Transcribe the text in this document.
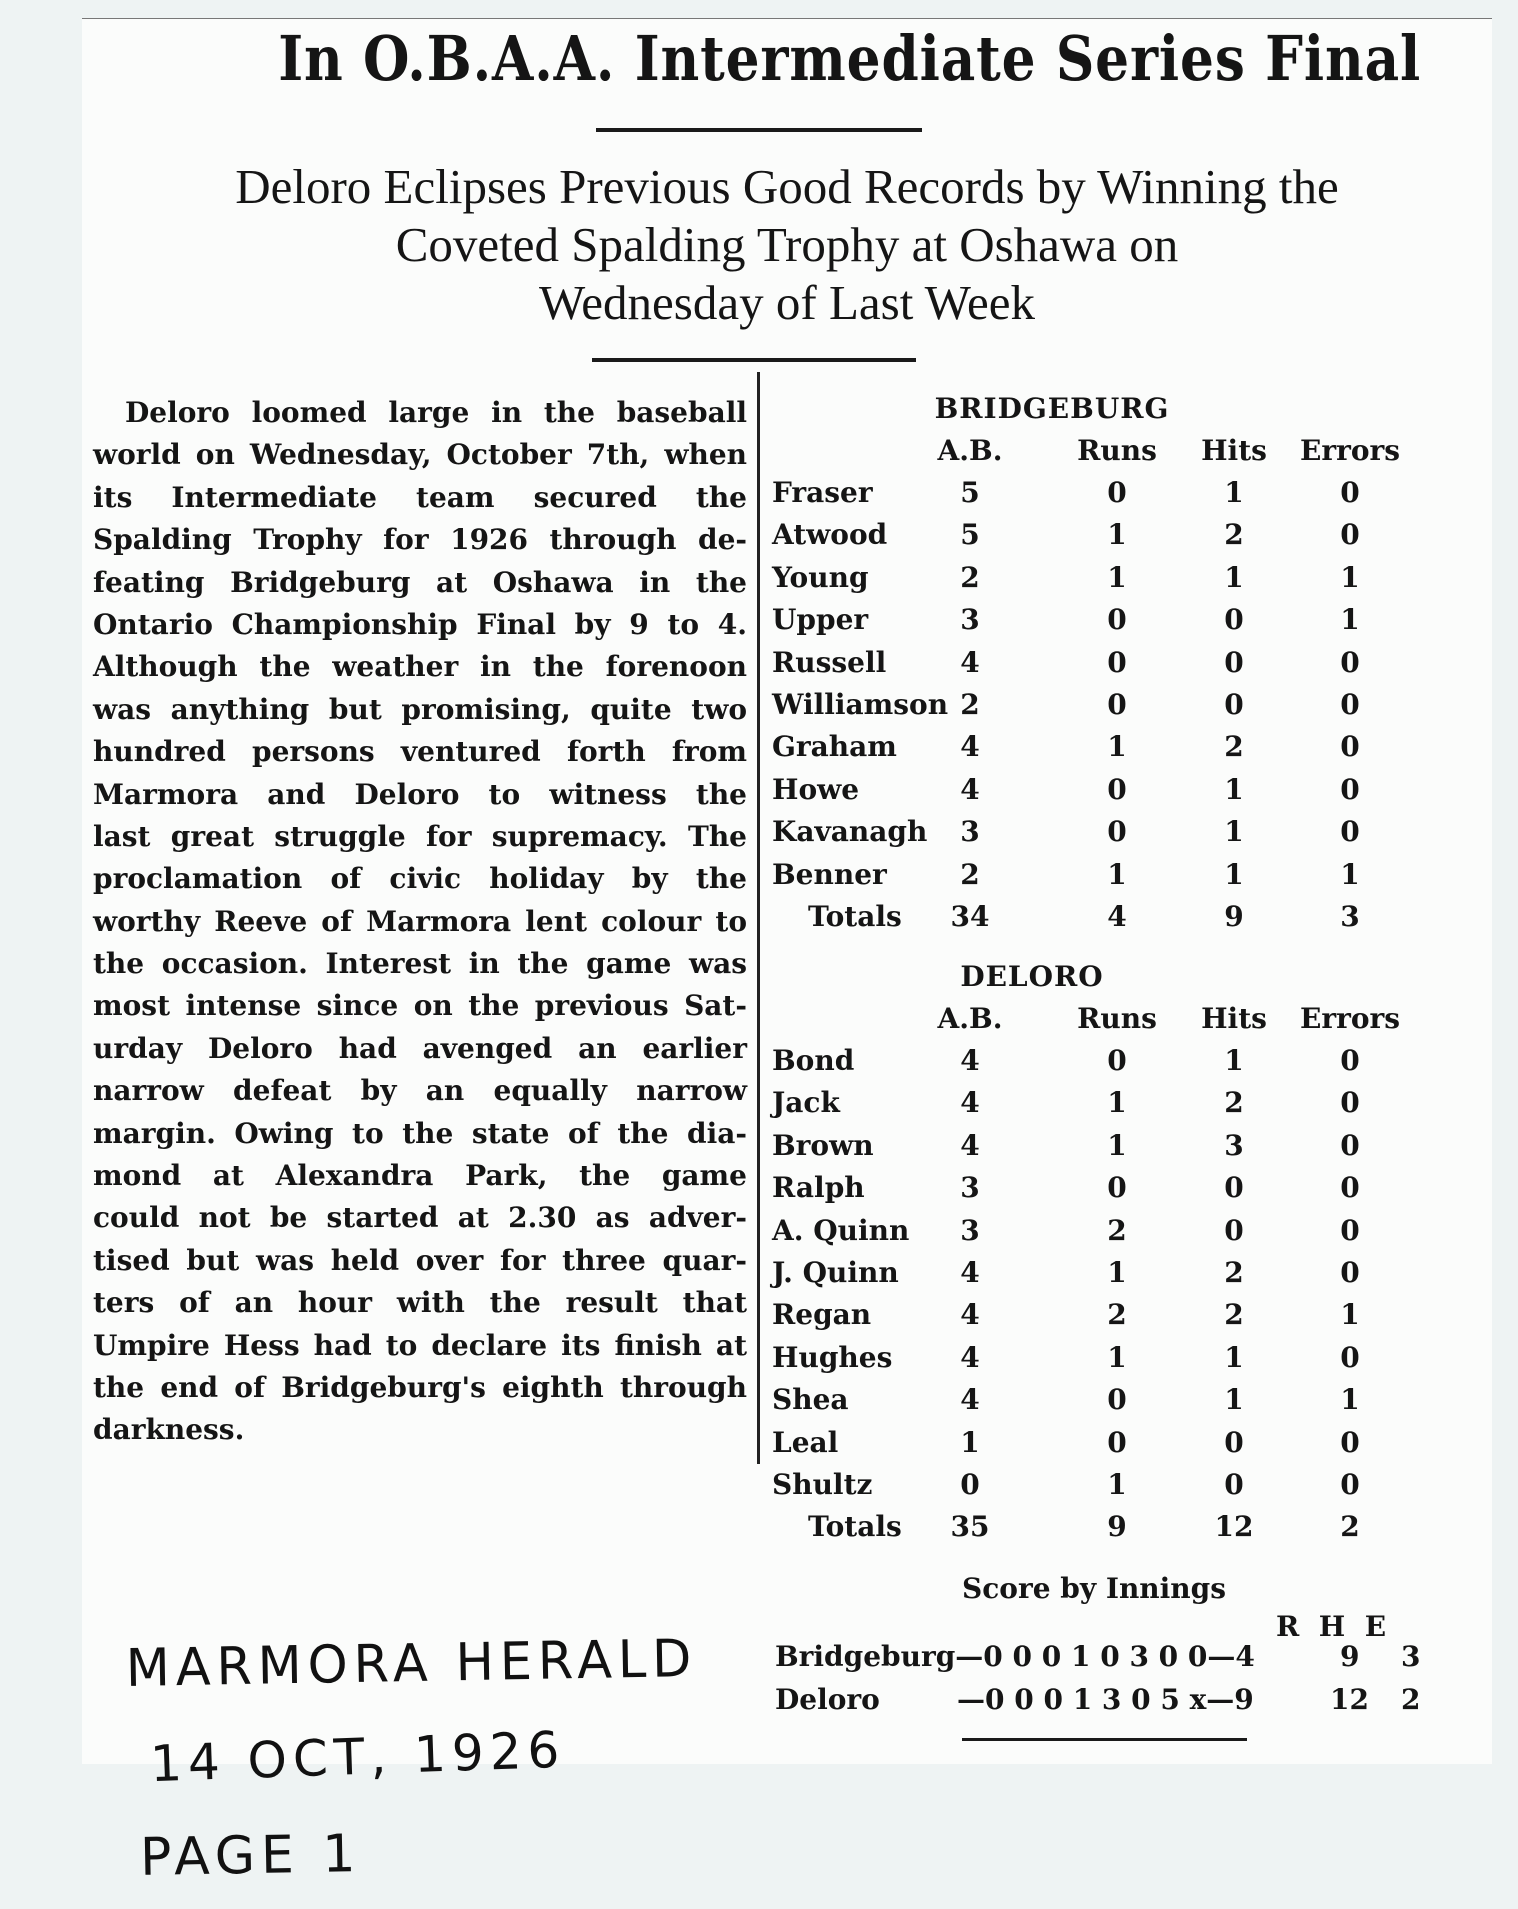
In O.B.A.A. Intermediate Series Final
Deloro Eclipses Previous Good Records by Winning the
Coveted Spalding Trophy at Oshawa on
Wednesday of Last Week
Deloro loomed large in the baseball
world on Wednesday, October 7th, when
its Intermediate team secured the
Spalding Trophy for 1926 through de-
feating Bridgeburg at Oshawa in the
Ontario Championship Final by 9 to 4.
Although the weather in the forenoon
was anything but promising, quite two
hundred persons ventured forth from
Marmora and Deloro to witness the
last great struggle for supremacy. The
proclamation of civic holiday by the
worthy Reeve of Marmora lent colour to
the occasion. Interest in the game was
most intense since on the previous Sat-
urday Deloro had avenged an earlier
narrow defeat by an equally narrow
margin. Owing to the state of the dia-
mond at Alexandra Park, the game
could not be started at 2.30 as adver-
tised but was held over for three quar-
ters of an hour with the result that
Umpire Hess had to declare its finish at
the end of Bridgeburg's eighth through
darkness.
BRIDGEBURG
A.B.	Runs Hits Errors
Fraser	5	0	1	0
Atwood	5	1	2	0
Young	2	1	1	1
Upper	3	0	0	1
Russell	4	0	0	0
Williamson 2	0	0	0
Graham 4	1	2	0
Howe	4	0	1	0
Kavanagh 3	0	1	0
Benner	2	1	1	1
Totals 34	4	9	3
DELORO
A.B.	Runs Hits Errors
Bond	4	0	1	0
Jack	4	1	2	0
Brown	4	1	3	0
Ralph	3	0	0	0
A. Quinn 3	2	0	0
J. Quinn 4	1	2	0
Regan	4	2	2	1
Hughes 4	1	1	0
Shea	4	0	1	1
Leal	1	0	0	0
Shultz	0	1	0	0
Totals 35	9	12	2
Score by Innings
R  H  E
Bridgeburg—0 0 0 1 0 3 0 0—4	9 3
Deloro	—0 0 0 1 3 0 5 x—9	12 2
MARMORA HERALD
14 OCT, 1926
PAGE 1
